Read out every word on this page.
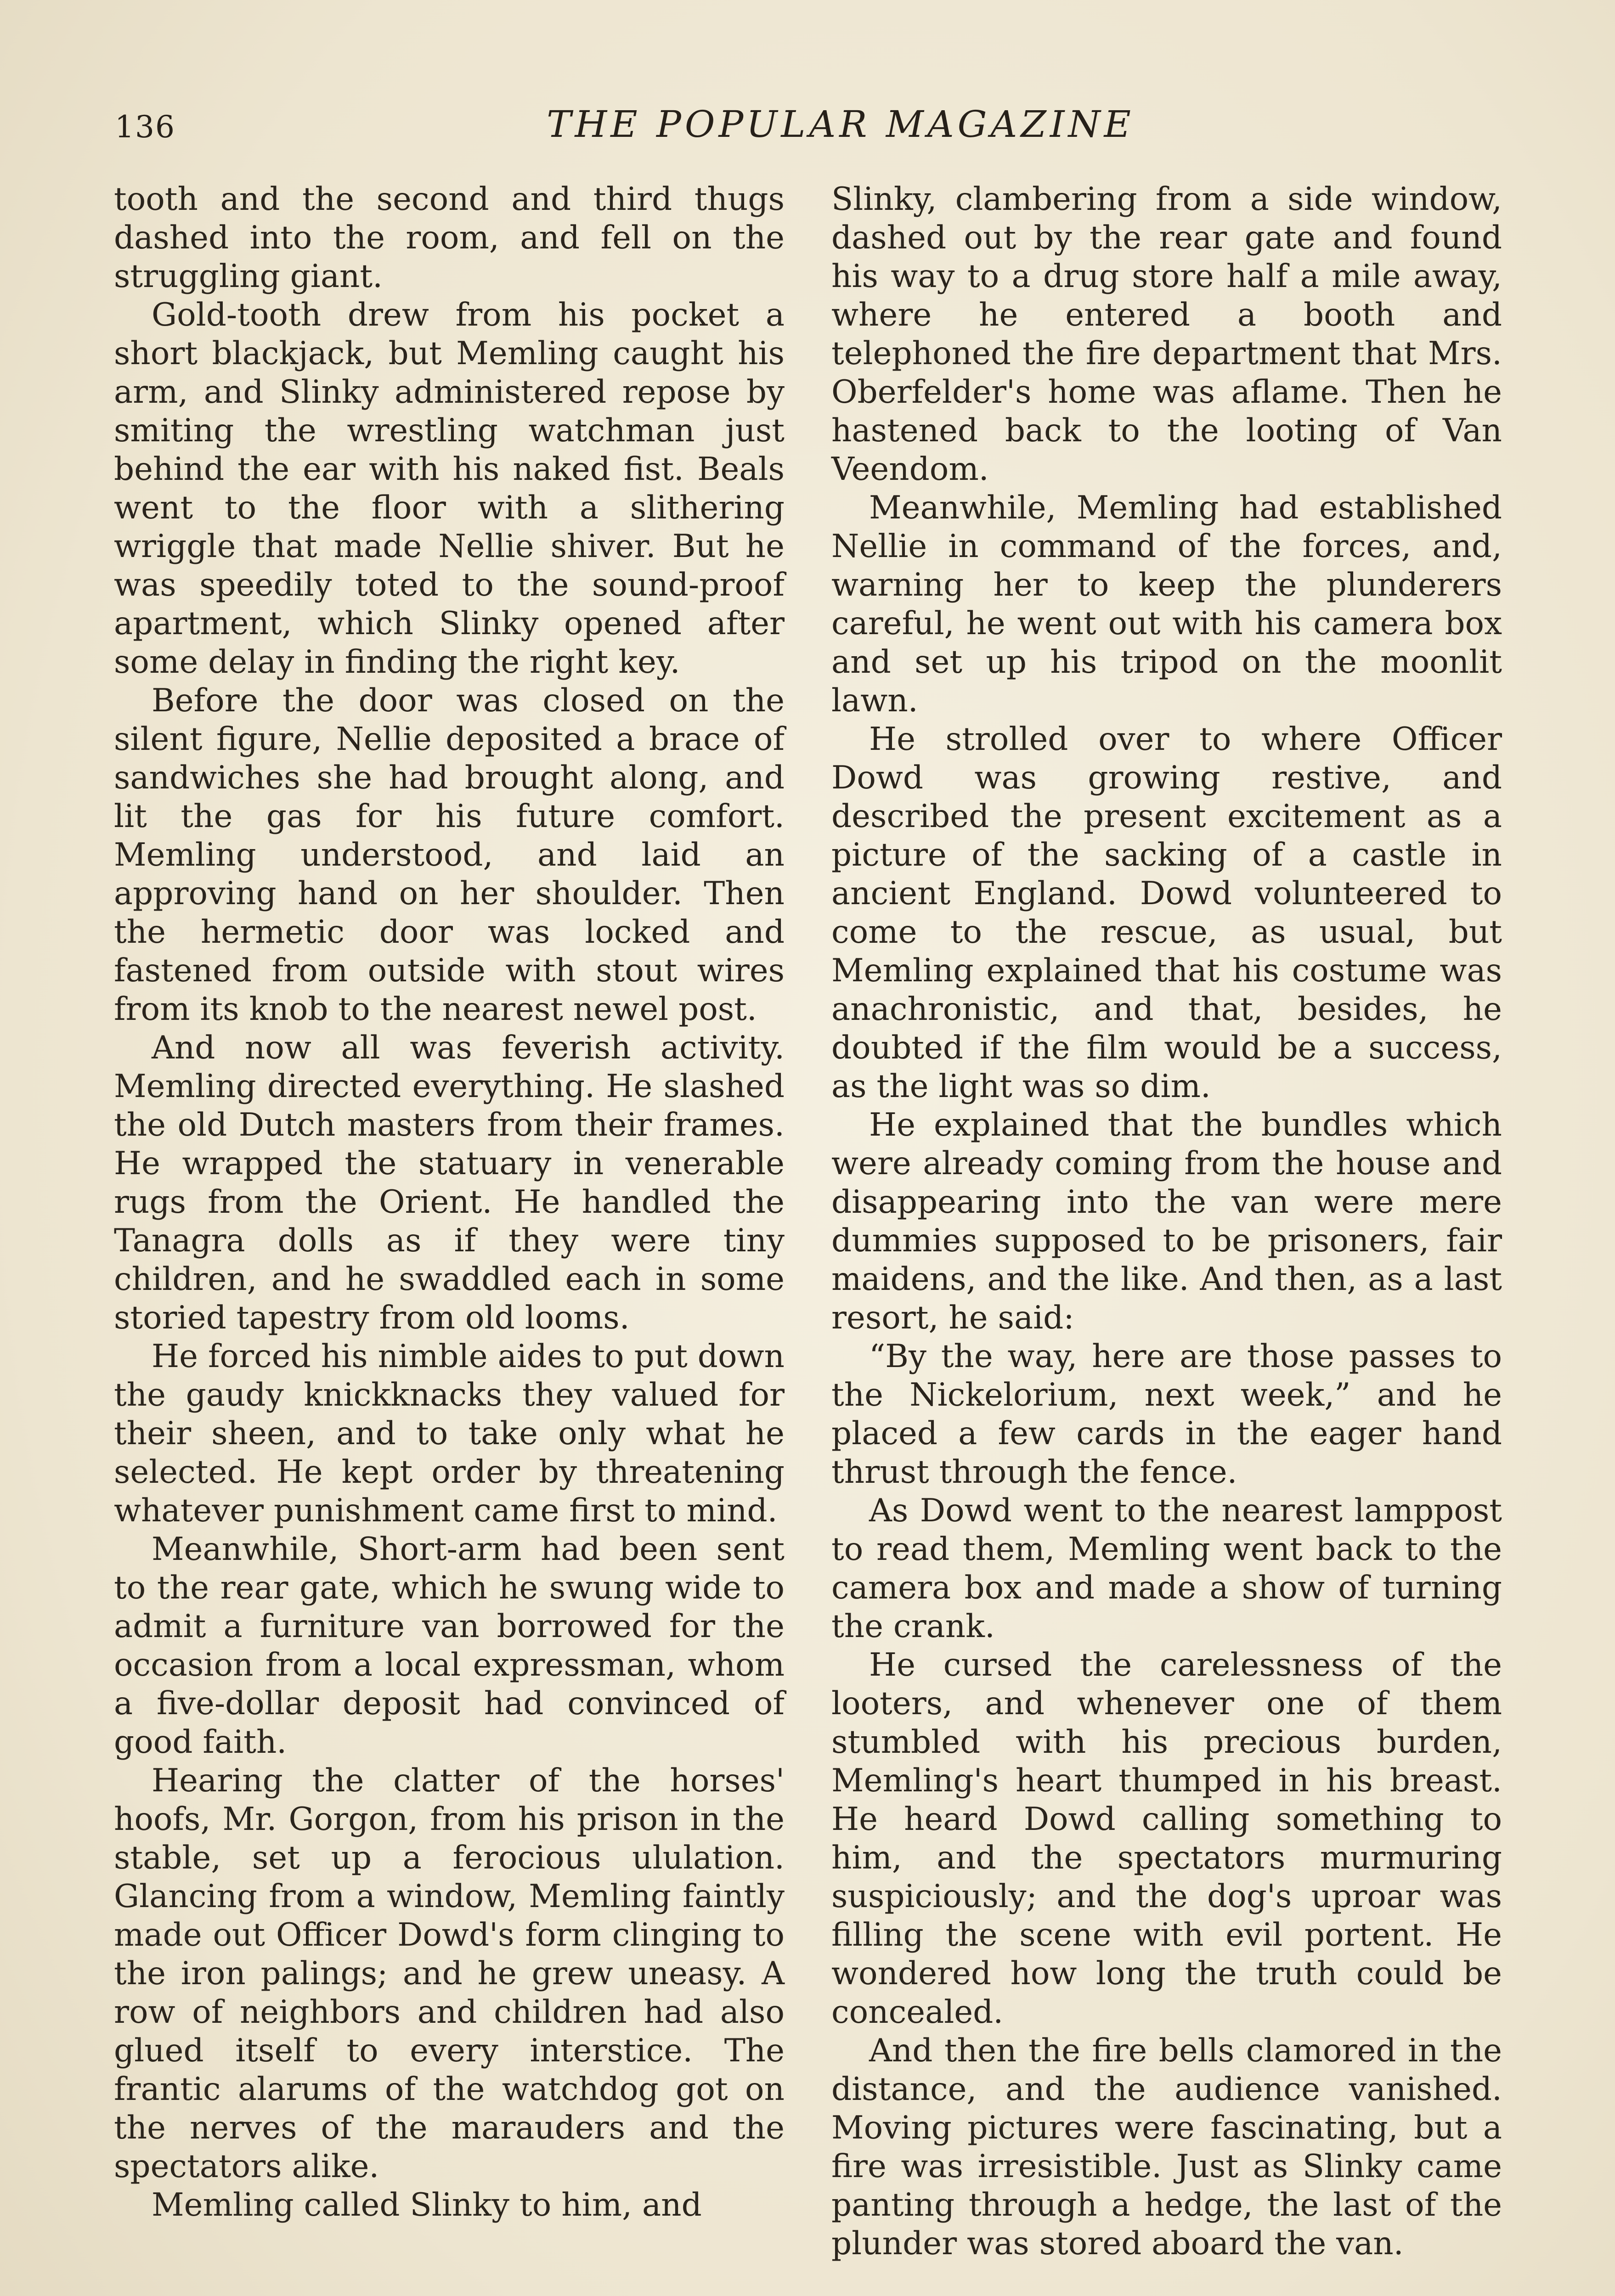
136	THE POPULAR MAGAZINE

tooth and the second and third thugs dashed into the room, and fell on the struggling giant.

Gold-tooth drew from his pocket a short blackjack, but Memling caught his arm, and Slinky administered repose by smiting the wrestling watchman just behind the ear with his naked fist. Beals went to the floor with a slithering wriggle that made Nellie shiver. But he was speedily toted to the sound-proof apartment, which Slinky opened after some delay in finding the right key.

Before the door was closed on the silent figure, Nellie deposited a brace of sandwiches she had brought along, and lit the gas for his future comfort. Memling understood, and laid an approving hand on her shoulder. Then the hermetic door was locked and fastened from outside with stout wires from its knob to the nearest newel post.

And now all was feverish activity. Memling directed everything. He slashed the old Dutch masters from their frames. He wrapped the statuary in venerable rugs from the Orient. He handled the Tanagra dolls as if they were tiny children, and he swaddled each in some storied tapestry from old looms.

He forced his nimble aides to put down the gaudy knickknacks they valued for their sheen, and to take only what he selected. He kept order by threatening whatever punishment came first to mind.

Meanwhile, Short-arm had been sent to the rear gate, which he swung wide to admit a furniture van borrowed for the occasion from a local expressman, whom a five-dollar deposit had convinced of good faith.

Hearing the clatter of the horses' hoofs, Mr. Gorgon, from his prison in the stable, set up a ferocious ululation. Glancing from a window, Memling faintly made out Officer Dowd's form clinging to the iron palings; and he grew uneasy. A row of neighbors and children had also glued itself to every interstice. The frantic alarums of the watchdog got on the nerves of the marauders and the spectators alike.

Memling called Slinky to him, and

Slinky, clambering from a side window, dashed out by the rear gate and found his way to a drug store half a mile away, where he entered a booth and telephoned the fire department that Mrs. Oberfelder's home was aflame. Then he hastened back to the looting of Van Veendom.

Meanwhile, Memling had established Nellie in command of the forces, and, warning her to keep the plunderers careful, he went out with his camera box and set up his tripod on the moonlit lawn.

He strolled over to where Officer Dowd was growing restive, and described the present excitement as a picture of the sacking of a castle in ancient England. Dowd volunteered to come to the rescue, as usual, but Memling explained that his costume was anachronistic, and that, besides, he doubted if the film would be a success, as the light was so dim.

He explained that the bundles which were already coming from the house and disappearing into the van were mere dummies supposed to be prisoners, fair maidens, and the like. And then, as a last resort, he said:

“By the way, here are those passes to the Nickelorium, next week,” and he placed a few cards in the eager hand thrust through the fence.

As Dowd went to the nearest lamppost to read them, Memling went back to the camera box and made a show of turning the crank.

He cursed the carelessness of the looters, and whenever one of them stumbled with his precious burden, Memling's heart thumped in his breast. He heard Dowd calling something to him, and the spectators murmuring suspiciously; and the dog's uproar was filling the scene with evil portent. He wondered how long the truth could be concealed.

And then the fire bells clamored in the distance, and the audience vanished. Moving pictures were fascinating, but a fire was irresistible. Just as Slinky came panting through a hedge, the last of the plunder was stored aboard the van.
